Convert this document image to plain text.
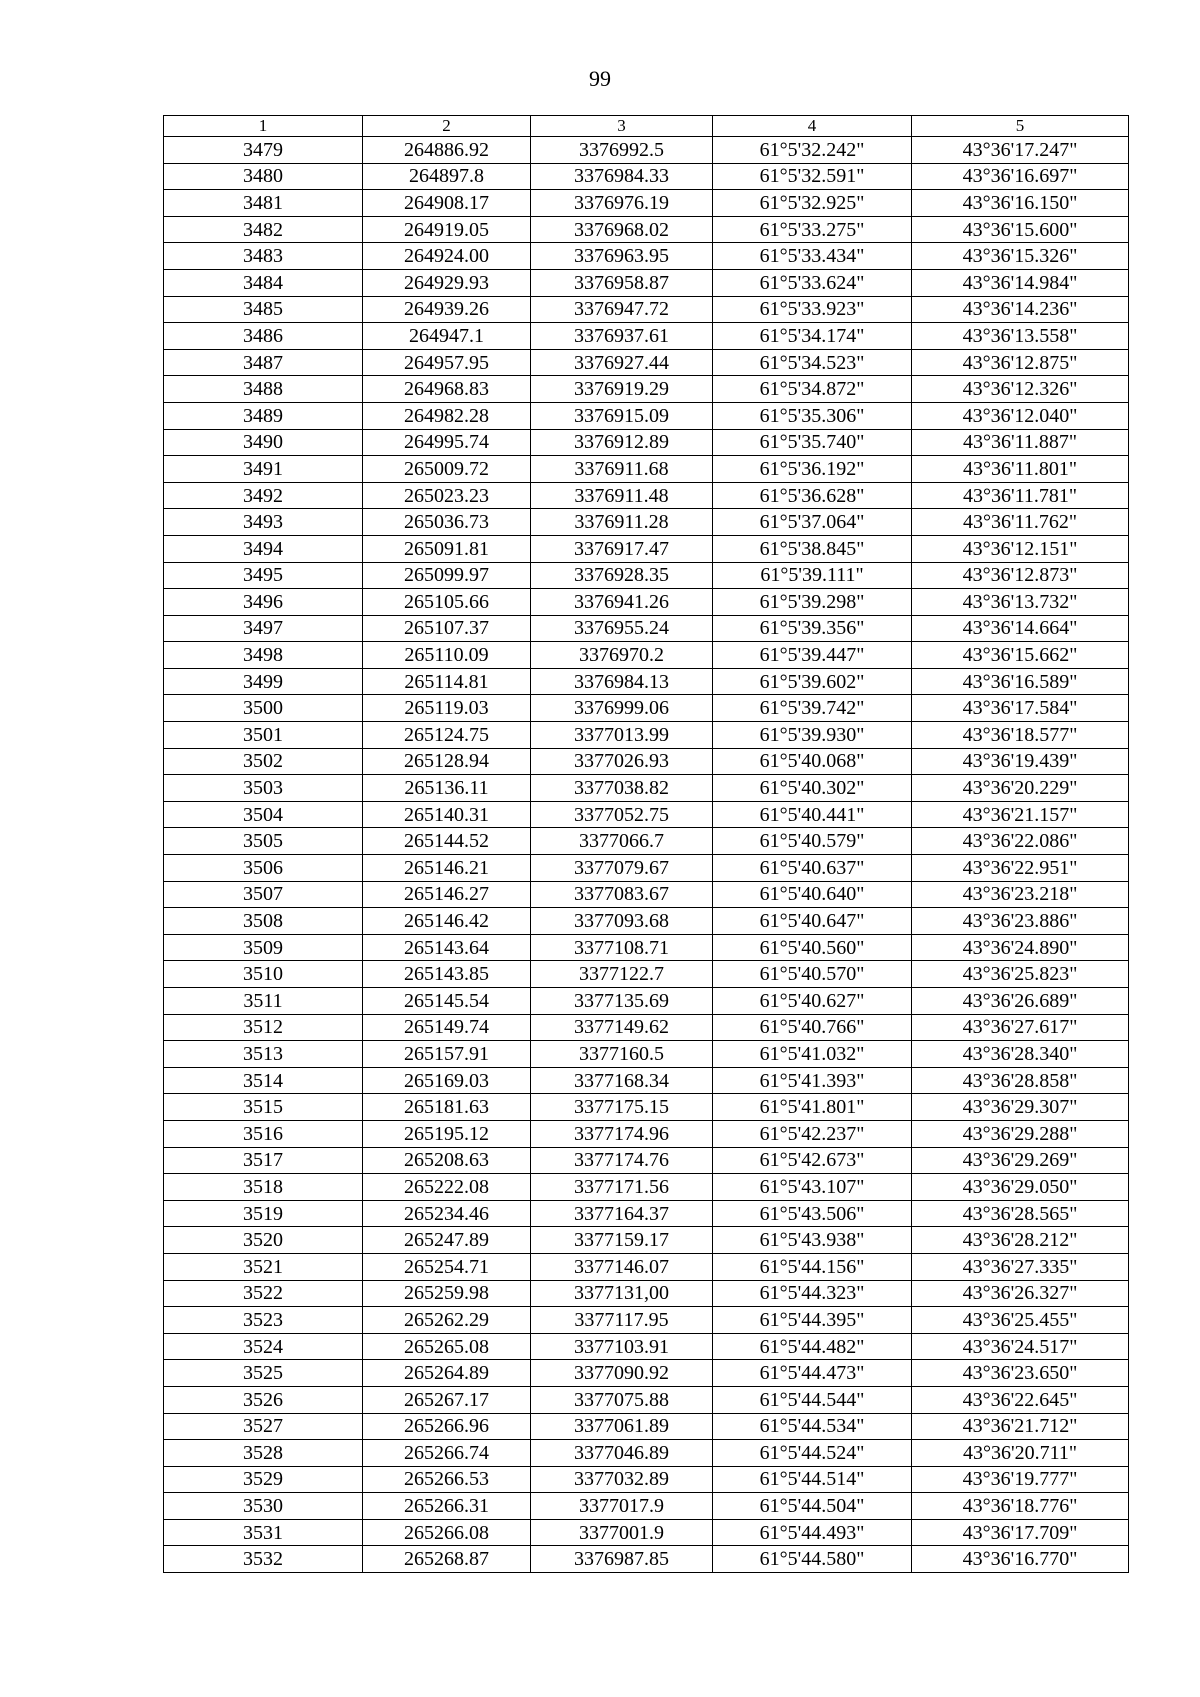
99
1	2	3	4	5
3479	264886.92	3376992.5	61°5'32.242"	43°36'17.247"
3480	264897.8	3376984.33	61°5'32.591"	43°36'16.697"
3481	264908.17	3376976.19	61°5'32.925"	43°36'16.150"
3482	264919.05	3376968.02	61°5'33.275"	43°36'15.600"
3483	264924.00	3376963.95	61°5'33.434"	43°36'15.326"
3484	264929.93	3376958.87	61°5'33.624"	43°36'14.984"
3485	264939.26	3376947.72	61°5'33.923"	43°36'14.236"
3486	264947.1	3376937.61	61°5'34.174"	43°36'13.558"
3487	264957.95	3376927.44	61°5'34.523"	43°36'12.875"
3488	264968.83	3376919.29	61°5'34.872"	43°36'12.326"
3489	264982.28	3376915.09	61°5'35.306"	43°36'12.040"
3490	264995.74	3376912.89	61°5'35.740"	43°36'11.887"
3491	265009.72	3376911.68	61°5'36.192"	43°36'11.801"
3492	265023.23	3376911.48	61°5'36.628"	43°36'11.781"
3493	265036.73	3376911.28	61°5'37.064"	43°36'11.762"
3494	265091.81	3376917.47	61°5'38.845"	43°36'12.151"
3495	265099.97	3376928.35	61°5'39.111"	43°36'12.873"
3496	265105.66	3376941.26	61°5'39.298"	43°36'13.732"
3497	265107.37	3376955.24	61°5'39.356"	43°36'14.664"
3498	265110.09	3376970.2	61°5'39.447"	43°36'15.662"
3499	265114.81	3376984.13	61°5'39.602"	43°36'16.589"
3500	265119.03	3376999.06	61°5'39.742"	43°36'17.584"
3501	265124.75	3377013.99	61°5'39.930"	43°36'18.577"
3502	265128.94	3377026.93	61°5'40.068"	43°36'19.439"
3503	265136.11	3377038.82	61°5'40.302"	43°36'20.229"
3504	265140.31	3377052.75	61°5'40.441"	43°36'21.157"
3505	265144.52	3377066.7	61°5'40.579"	43°36'22.086"
3506	265146.21	3377079.67	61°5'40.637"	43°36'22.951"
3507	265146.27	3377083.67	61°5'40.640"	43°36'23.218"
3508	265146.42	3377093.68	61°5'40.647"	43°36'23.886"
3509	265143.64	3377108.71	61°5'40.560"	43°36'24.890"
3510	265143.85	3377122.7	61°5'40.570"	43°36'25.823"
3511	265145.54	3377135.69	61°5'40.627"	43°36'26.689"
3512	265149.74	3377149.62	61°5'40.766"	43°36'27.617"
3513	265157.91	3377160.5	61°5'41.032"	43°36'28.340"
3514	265169.03	3377168.34	61°5'41.393"	43°36'28.858"
3515	265181.63	3377175.15	61°5'41.801"	43°36'29.307"
3516	265195.12	3377174.96	61°5'42.237"	43°36'29.288"
3517	265208.63	3377174.76	61°5'42.673"	43°36'29.269"
3518	265222.08	3377171.56	61°5'43.107"	43°36'29.050"
3519	265234.46	3377164.37	61°5'43.506"	43°36'28.565"
3520	265247.89	3377159.17	61°5'43.938"	43°36'28.212"
3521	265254.71	3377146.07	61°5'44.156"	43°36'27.335"
3522	265259.98	3377131,00	61°5'44.323"	43°36'26.327"
3523	265262.29	3377117.95	61°5'44.395"	43°36'25.455"
3524	265265.08	3377103.91	61°5'44.482"	43°36'24.517"
3525	265264.89	3377090.92	61°5'44.473"	43°36'23.650"
3526	265267.17	3377075.88	61°5'44.544"	43°36'22.645"
3527	265266.96	3377061.89	61°5'44.534"	43°36'21.712"
3528	265266.74	3377046.89	61°5'44.524"	43°36'20.711"
3529	265266.53	3377032.89	61°5'44.514"	43°36'19.777"
3530	265266.31	3377017.9	61°5'44.504"	43°36'18.776"
3531	265266.08	3377001.9	61°5'44.493"	43°36'17.709"
3532	265268.87	3376987.85	61°5'44.580"	43°36'16.770"
